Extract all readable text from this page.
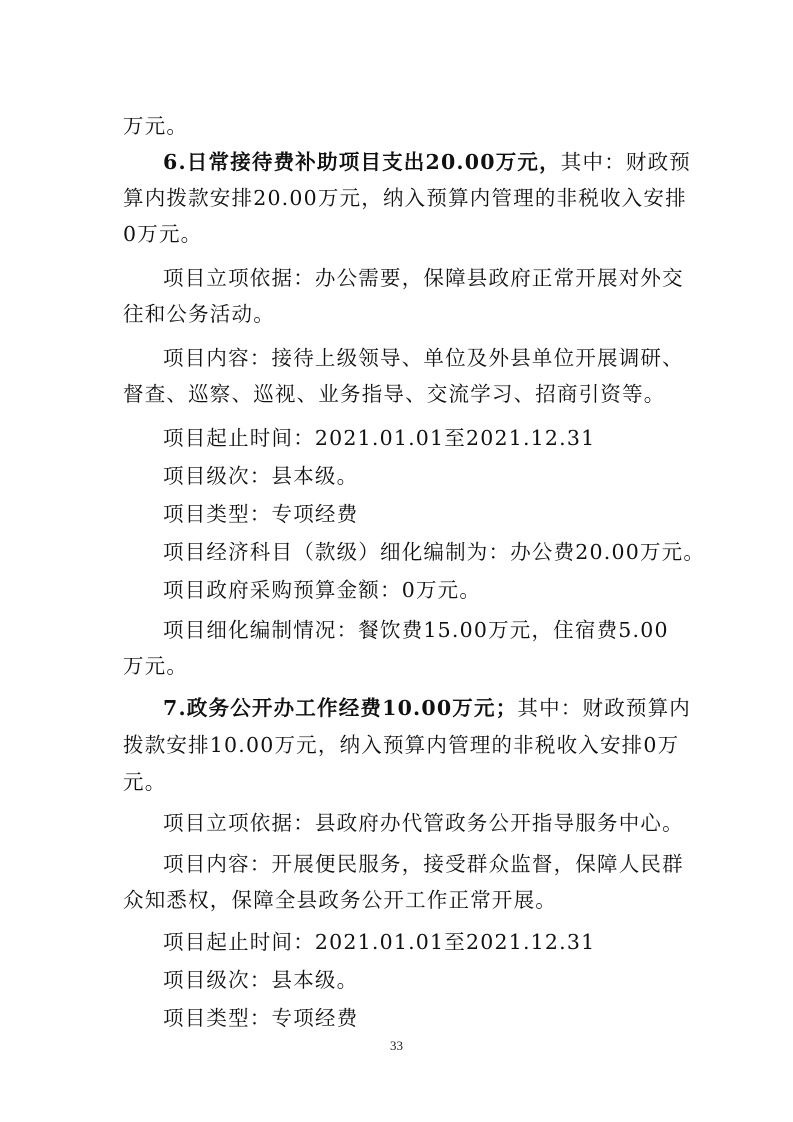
万元。
6.日常接待费补助项目支出20.00万元，其中：财政预
算内拨款安排20.00万元，纳入预算内管理的非税收入安排
0万元。
项目立项依据：办公需要，保障县政府正常开展对外交
往和公务活动。
项目内容：接待上级领导、单位及外县单位开展调研、
督查、巡察、巡视、业务指导、交流学习、招商引资等。
项目起止时间：2021.01.01至2021.12.31
项目级次：县本级。
项目类型：专项经费
项目经济科目（款级）细化编制为：办公费20.00万元。
项目政府采购预算金额：0万元。
项目细化编制情况：餐饮费15.00万元，住宿费5.00
万元。
7.政务公开办工作经费10.00万元；其中：财政预算内
拨款安排10.00万元，纳入预算内管理的非税收入安排0万
元。
项目立项依据：县政府办代管政务公开指导服务中心。
项目内容：开展便民服务，接受群众监督，保障人民群
众知悉权，保障全县政务公开工作正常开展。
项目起止时间：2021.01.01至2021.12.31
项目级次：县本级。
项目类型：专项经费
33
